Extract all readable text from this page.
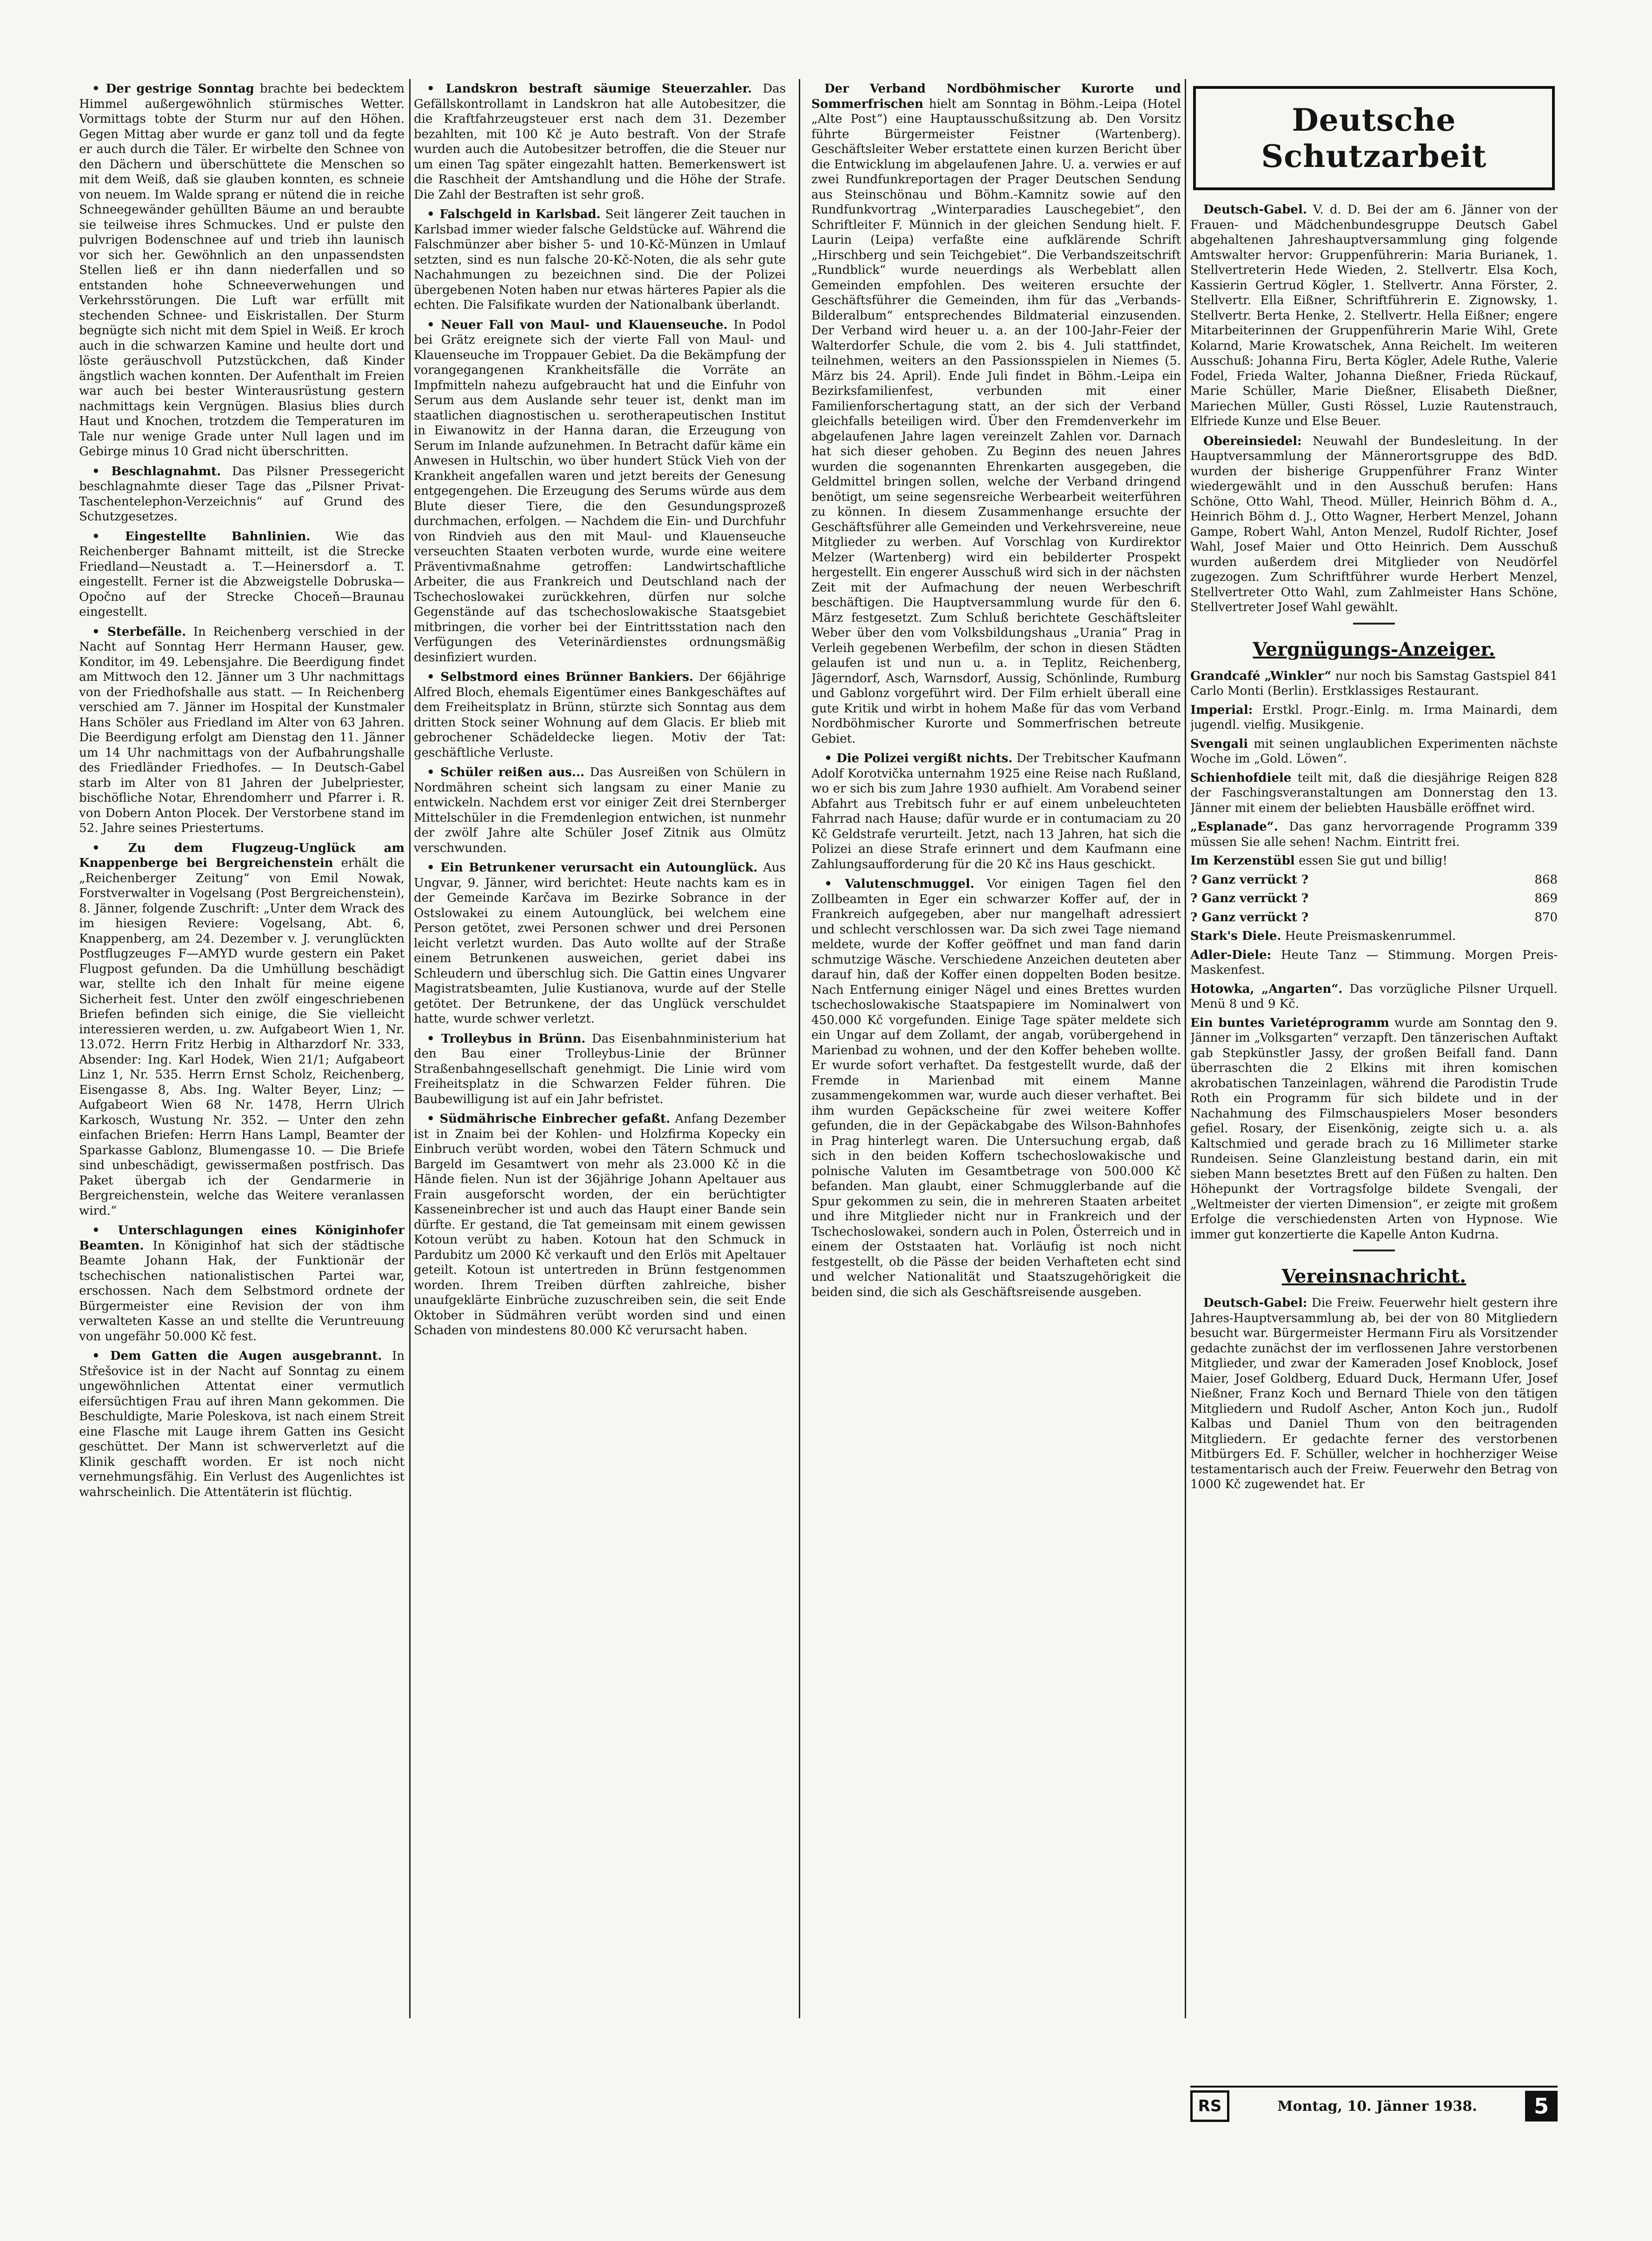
• Der gestrige Sonntag brachte bei bedecktem Himmel außergewöhnlich stürmisches Wetter. Vormittags tobte der Sturm nur auf den Höhen. Gegen Mittag aber wurde er ganz toll und da fegte er auch durch die Täler. Er wirbelte den Schnee von den Dächern und überschüttete die Menschen so mit dem Weiß, daß sie glauben konnten, es schneie von neuem. Im Walde sprang er nütend die in reiche Schneegewänder gehüllten Bäume an und beraubte sie teilweise ihres Schmuckes. Und er pulste den pulvrigen Bodenschnee auf und trieb ihn launisch vor sich her. Gewöhnlich an den unpassendsten Stellen ließ er ihn dann niederfallen und so entstanden hohe Schneeverwehungen und Verkehrsstörungen. Die Luft war erfüllt mit stechenden Schnee- und Eiskristallen. Der Sturm begnügte sich nicht mit dem Spiel in Weiß. Er kroch auch in die schwarzen Kamine und heulte dort und löste geräuschvoll Putzstückchen, daß Kinder ängstlich wachen konnten. Der Aufenthalt im Freien war auch bei bester Winterausrüstung gestern nachmittags kein Vergnügen. Blasius blies durch Haut und Knochen, trotzdem die Temperaturen im Tale nur wenige Grade unter Null lagen und im Gebirge minus 10 Grad nicht überschritten.

• Beschlagnahmt. Das Pilsner Pressegericht beschlagnahmte dieser Tage das „Pilsner Privat-Taschentelephon-Verzeichnis“ auf Grund des Schutzgesetzes.

• Eingestellte Bahnlinien. Wie das Reichenberger Bahnamt mitteilt, ist die Strecke Friedland—Neustadt a. T.—Heinersdorf a. T. eingestellt. Ferner ist die Abzweigstelle Dobruska—Opočno auf der Strecke Choceň—Braunau eingestellt.

• Sterbefälle. In Reichenberg verschied in der Nacht auf Sonntag Herr Hermann Hauser, gew. Konditor, im 49. Lebensjahre. Die Beerdigung findet am Mittwoch den 12. Jänner um 3 Uhr nachmittags von der Friedhofshalle aus statt. — In Reichenberg verschied am 7. Jänner im Hospital der Kunstmaler Hans Schöler aus Friedland im Alter von 63 Jahren. Die Beerdigung erfolgt am Dienstag den 11. Jänner um 14 Uhr nachmittags von der Aufbahrungshalle des Friedländer Friedhofes. — In Deutsch-Gabel starb im Alter von 81 Jahren der Jubelpriester, bischöfliche Notar, Ehrendomherr und Pfarrer i. R. von Dobern Anton Plocek. Der Verstorbene stand im 52. Jahre seines Priestertums.

• Zu dem Flugzeug-Unglück am Knappenberge bei Bergreichenstein erhält die „Reichenberger Zeitung“ von Emil Nowak, Forstverwalter in Vogelsang (Post Bergreichenstein), 8. Jänner, folgende Zuschrift: „Unter dem Wrack des im hiesigen Reviere: Vogelsang, Abt. 6, Knappenberg, am 24. Dezember v. J. verunglückten Postflugzeuges F—AMYD wurde gestern ein Paket Flugpost gefunden. Da die Umhüllung beschädigt war, stellte ich den Inhalt für meine eigene Sicherheit fest. Unter den zwölf eingeschriebenen Briefen befinden sich einige, die Sie vielleicht interessieren werden, u. zw. Aufgabeort Wien 1, Nr. 13.072. Herrn Fritz Herbig in Altharzdorf Nr. 333, Absender: Ing. Karl Hodek, Wien 21/1; Aufgabeort Linz 1, Nr. 535. Herrn Ernst Scholz, Reichenberg, Eisengasse 8, Abs. Ing. Walter Beyer, Linz; — Aufgabeort Wien 68 Nr. 1478, Herrn Ulrich Karkosch, Wustung Nr. 352. — Unter den zehn einfachen Briefen: Herrn Hans Lampl, Beamter der Sparkasse Gablonz, Blumengasse 10. — Die Briefe sind unbeschädigt, gewissermaßen postfrisch. Das Paket übergab ich der Gendarmerie in Bergreichenstein, welche das Weitere veranlassen wird.“

• Unterschlagungen eines Königinhofer Beamten. In Königinhof hat sich der städtische Beamte Johann Hak, der Funktionär der tschechischen nationalistischen Partei war, erschossen. Nach dem Selbstmord ordnete der Bürgermeister eine Revision der von ihm verwalteten Kasse an und stellte die Veruntreuung von ungefähr 50.000 Kč fest.

• Dem Gatten die Augen ausgebrannt. In Střešovice ist in der Nacht auf Sonntag zu einem ungewöhnlichen Attentat einer vermutlich eifersüchtigen Frau auf ihren Mann gekommen. Die Beschuldigte, Marie Poleskova, ist nach einem Streit eine Flasche mit Lauge ihrem Gatten ins Gesicht geschüttet. Der Mann ist schwerverletzt auf die Klinik geschafft worden. Er ist noch nicht vernehmungsfähig. Ein Verlust des Augenlichtes ist wahrscheinlich. Die Attentäterin ist flüchtig.

• Landskron bestraft säumige Steuerzahler. Das Gefällskontrollamt in Landskron hat alle Autobesitzer, die die Kraftfahrzeugsteuer erst nach dem 31. Dezember bezahlten, mit 100 Kč je Auto bestraft. Von der Strafe wurden auch die Autobesitzer betroffen, die die Steuer nur um einen Tag später eingezahlt hatten. Bemerkenswert ist die Raschheit der Amtshandlung und die Höhe der Strafe. Die Zahl der Bestraften ist sehr groß.

• Falschgeld in Karlsbad. Seit längerer Zeit tauchen in Karlsbad immer wieder falsche Geldstücke auf. Während die Falschmünzer aber bisher 5- und 10-Kč-Münzen in Umlauf setzten, sind es nun falsche 20-Kč-Noten, die als sehr gute Nachahmungen zu bezeichnen sind. Die der Polizei übergebenen Noten haben nur etwas härteres Papier als die echten. Die Falsifikate wurden der Nationalbank überlandt.

• Neuer Fall von Maul- und Klauenseuche. In Podol bei Grätz ereignete sich der vierte Fall von Maul- und Klauenseuche im Troppauer Gebiet. Da die Bekämpfung der vorangegangenen Krankheitsfälle die Vorräte an Impfmitteln nahezu aufgebraucht hat und die Einfuhr von Serum aus dem Auslande sehr teuer ist, denkt man im staatlichen diagnostischen u. serotherapeutischen Institut in Eiwanowitz in der Hanna daran, die Erzeugung von Serum im Inlande aufzunehmen. In Betracht dafür käme ein Anwesen in Hultschin, wo über hundert Stück Vieh von der Krankheit angefallen waren und jetzt bereits der Genesung entgegengehen. Die Erzeugung des Serums würde aus dem Blute dieser Tiere, die den Gesundungsprozeß durchmachen, erfolgen. — Nachdem die Ein- und Durchfuhr von Rindvieh aus den mit Maul- und Klauenseuche verseuchten Staaten verboten wurde, wurde eine weitere Präventivmaßnahme getroffen: Landwirtschaftliche Arbeiter, die aus Frankreich und Deutschland nach der Tschechoslowakei zurückkehren, dürfen nur solche Gegenstände auf das tschechoslowakische Staatsgebiet mitbringen, die vorher bei der Eintrittsstation nach den Verfügungen des Veterinärdienstes ordnungsmäßig desinfiziert wurden.

• Selbstmord eines Brünner Bankiers. Der 66jährige Alfred Bloch, ehemals Eigentümer eines Bankgeschäftes auf dem Freiheitsplatz in Brünn, stürzte sich Sonntag aus dem dritten Stock seiner Wohnung auf dem Glacis. Er blieb mit gebrochener Schädeldecke liegen. Motiv der Tat: geschäftliche Verluste.

• Schüler reißen aus... Das Ausreißen von Schülern in Nordmähren scheint sich langsam zu einer Manie zu entwickeln. Nachdem erst vor einiger Zeit drei Sternberger Mittelschüler in die Fremdenlegion entwichen, ist nunmehr der zwölf Jahre alte Schüler Josef Zitnik aus Olmütz verschwunden.

• Ein Betrunkener verursacht ein Autounglück. Aus Ungvar, 9. Jänner, wird berichtet: Heute nachts kam es in der Gemeinde Karčava im Bezirke Sobrance in der Ostslowakei zu einem Autounglück, bei welchem eine Person getötet, zwei Personen schwer und drei Personen leicht verletzt wurden. Das Auto wollte auf der Straße einem Betrunkenen ausweichen, geriet dabei ins Schleudern und überschlug sich. Die Gattin eines Ungvarer Magistratsbeamten, Julie Kustianova, wurde auf der Stelle getötet. Der Betrunkene, der das Unglück verschuldet hatte, wurde schwer verletzt.

• Trolleybus in Brünn. Das Eisenbahnministerium hat den Bau einer Trolleybus-Linie der Brünner Straßenbahngesellschaft genehmigt. Die Linie wird vom Freiheitsplatz in die Schwarzen Felder führen. Die Baubewilligung ist auf ein Jahr befristet.

• Südmährische Einbrecher gefaßt. Anfang Dezember ist in Znaim bei der Kohlen- und Holzfirma Kopecky ein Einbruch verübt worden, wobei den Tätern Schmuck und Bargeld im Gesamtwert von mehr als 23.000 Kč in die Hände fielen. Nun ist der 36jährige Johann Apeltauer aus Frain ausgeforscht worden, der ein berüchtigter Kasseneinbrecher ist und auch das Haupt einer Bande sein dürfte. Er gestand, die Tat gemeinsam mit einem gewissen Kotoun verübt zu haben. Kotoun hat den Schmuck in Pardubitz um 2000 Kč verkauft und den Erlös mit Apeltauer geteilt. Kotoun ist untertreden in Brünn festgenommen worden. Ihrem Treiben dürften zahlreiche, bisher unaufgeklärte Einbrüche zuzuschreiben sein, die seit Ende Oktober in Südmähren verübt worden sind und einen Schaden von mindestens 80.000 Kč verursacht haben.

Der Verband Nordböhmischer Kurorte und Sommerfrischen hielt am Sonntag in Böhm.-Leipa (Hotel „Alte Post“) eine Hauptausschußsitzung ab. Den Vorsitz führte Bürgermeister Feistner (Wartenberg). Geschäftsleiter Weber erstattete einen kurzen Bericht über die Entwicklung im abgelaufenen Jahre. U. a. verwies er auf zwei Rundfunkreportagen der Prager Deutschen Sendung aus Steinschönau und Böhm.-Kamnitz sowie auf den Rundfunkvortrag „Winterparadies Lauschegebiet“, den Schriftleiter F. Münnich in der gleichen Sendung hielt. F. Laurin (Leipa) verfaßte eine aufklärende Schrift „Hirschberg und sein Teichgebiet“. Die Verbandszeitschrift „Rundblick“ wurde neuerdings als Werbeblatt allen Gemeinden empfohlen. Des weiteren ersuchte der Geschäftsführer die Gemeinden, ihm für das „Verbands-Bilderalbum“ entsprechendes Bildmaterial einzusenden. Der Verband wird heuer u. a. an der 100-Jahr-Feier der Walterdorfer Schule, die vom 2. bis 4. Juli stattfindet, teilnehmen, weiters an den Passionsspielen in Niemes (5. März bis 24. April). Ende Juli findet in Böhm.-Leipa ein Bezirksfamilienfest, verbunden mit einer Familienforschertagung statt, an der sich der Verband gleichfalls beteiligen wird. Über den Fremdenverkehr im abgelaufenen Jahre lagen vereinzelt Zahlen vor. Darnach hat sich dieser gehoben. Zu Beginn des neuen Jahres wurden die sogenannten Ehrenkarten ausgegeben, die Geldmittel bringen sollen, welche der Verband dringend benötigt, um seine segensreiche Werbearbeit weiterführen zu können. In diesem Zusammenhange ersuchte der Geschäftsführer alle Gemeinden und Verkehrsvereine, neue Mitglieder zu werben. Auf Vorschlag von Kurdirektor Melzer (Wartenberg) wird ein bebilderter Prospekt hergestellt. Ein engerer Ausschuß wird sich in der nächsten Zeit mit der Aufmachung der neuen Werbeschrift beschäftigen. Die Hauptversammlung wurde für den 6. März festgesetzt. Zum Schluß berichtete Geschäftsleiter Weber über den vom Volksbildungshaus „Urania“ Prag in Verleih gegebenen Werbefilm, der schon in diesen Städten gelaufen ist und nun u. a. in Teplitz, Reichenberg, Jägerndorf, Asch, Warnsdorf, Aussig, Schönlinde, Rumburg und Gablonz vorgeführt wird. Der Film erhielt überall eine gute Kritik und wirbt in hohem Maße für das vom Verband Nordböhmischer Kurorte und Sommerfrischen betreute Gebiet.

• Die Polizei vergißt nichts. Der Trebitscher Kaufmann Adolf Korotvička unternahm 1925 eine Reise nach Rußland, wo er sich bis zum Jahre 1930 aufhielt. Am Vorabend seiner Abfahrt aus Trebitsch fuhr er auf einem unbeleuchteten Fahrrad nach Hause; dafür wurde er in contumaciam zu 20 Kč Geldstrafe verurteilt. Jetzt, nach 13 Jahren, hat sich die Polizei an diese Strafe erinnert und dem Kaufmann eine Zahlungsaufforderung für die 20 Kč ins Haus geschickt.

• Valutenschmuggel. Vor einigen Tagen fiel den Zollbeamten in Eger ein schwarzer Koffer auf, der in Frankreich aufgegeben, aber nur mangelhaft adressiert und schlecht verschlossen war. Da sich zwei Tage niemand meldete, wurde der Koffer geöffnet und man fand darin schmutzige Wäsche. Verschiedene Anzeichen deuteten aber darauf hin, daß der Koffer einen doppelten Boden besitze. Nach Entfernung einiger Nägel und eines Brettes wurden tschechoslowakische Staatspapiere im Nominalwert von 450.000 Kč vorgefunden. Einige Tage später meldete sich ein Ungar auf dem Zollamt, der angab, vorübergehend in Marienbad zu wohnen, und der den Koffer beheben wollte. Er wurde sofort verhaftet. Da festgestellt wurde, daß der Fremde in Marienbad mit einem Manne zusammengekommen war, wurde auch dieser verhaftet. Bei ihm wurden Gepäckscheine für zwei weitere Koffer gefunden, die in der Gepäckabgabe des Wilson-Bahnhofes in Prag hinterlegt waren. Die Untersuchung ergab, daß sich in den beiden Koffern tschechoslowakische und polnische Valuten im Gesamtbetrage von 500.000 Kč befanden. Man glaubt, einer Schmugglerbande auf die Spur gekommen zu sein, die in mehreren Staaten arbeitet und ihre Mitglieder nicht nur in Frankreich und der Tschechoslowakei, sondern auch in Polen, Österreich und in einem der Oststaaten hat. Vorläufig ist noch nicht festgestellt, ob die Pässe der beiden Verhafteten echt sind und welcher Nationalität und Staatszugehörigkeit die beiden sind, die sich als Geschäftsreisende ausgeben.

Deutsche Schutzarbeit

Deutsch-Gabel. V. d. D. Bei der am 6. Jänner von der Frauen- und Mädchenbundesgruppe Deutsch Gabel abgehaltenen Jahreshauptversammlung ging folgende Amtswalter hervor: Gruppenführerin: Maria Burianek, 1. Stellvertreterin Hede Wieden, 2. Stellvertr. Elsa Koch, Kassierin Gertrud Kögler, 1. Stellvertr. Anna Förster, 2. Stellvertr. Ella Eißner, Schriftführerin E. Zignowsky, 1. Stellvertr. Berta Henke, 2. Stellvertr. Hella Eißner; engere Mitarbeiterinnen der Gruppenführerin Marie Wihl, Grete Kolarnd, Marie Krowatschek, Anna Reichelt. Im weiteren Ausschuß: Johanna Firu, Berta Kögler, Adele Ruthe, Valerie Fodel, Frieda Walter, Johanna Dießner, Frieda Rückauf, Marie Schüller, Marie Dießner, Elisabeth Dießner, Mariechen Müller, Gusti Rössel, Luzie Rautenstrauch, Elfriede Kunze und Else Beuer.

Obereinsiedel: Neuwahl der Bundesleitung. In der Hauptversammlung der Männerortsgruppe des BdD. wurden der bisherige Gruppenführer Franz Winter wiedergewählt und in den Ausschuß berufen: Hans Schöne, Otto Wahl, Theod. Müller, Heinrich Böhm d. A., Heinrich Böhm d. J., Otto Wagner, Herbert Menzel, Johann Gampe, Robert Wahl, Anton Menzel, Rudolf Richter, Josef Wahl, Josef Maier und Otto Heinrich. Dem Ausschuß wurden außerdem drei Mitglieder von Neudörfel zugezogen. Zum Schriftführer wurde Herbert Menzel, Stellvertreter Otto Wahl, zum Zahlmeister Hans Schöne, Stellvertreter Josef Wahl gewählt.

Vergnügungs-Anzeiger.

841
Grandcafé „Winkler“ nur noch bis Samstag Gastspiel Carlo Monti (Berlin). Erstklassiges Restaurant.

Imperial: Erstkl. Progr.-Einlg. m. Irma Mainardi, dem jugendl. vielfig. Musikgenie.

Svengali mit seinen unglaublichen Experimenten nächste Woche im „Gold. Löwen“.

828
Schienhofdiele teilt mit, daß die diesjährige Reigen der Faschingsveranstaltungen am Donnerstag den 13. Jänner mit einem der beliebten Hausbälle eröffnet wird.

339
„Esplanade“. Das ganz hervorragende Programm müssen Sie alle sehen! Nachm. Eintritt frei.

Im Kerzenstübl essen Sie gut und billig!

868
? Ganz verrückt ?

869
? Ganz verrückt ?

870
? Ganz verrückt ?

Stark's Diele. Heute Preismaskenrummel.

Adler-Diele: Heute Tanz — Stimmung. Morgen Preis-Maskenfest.

Hotowka, „Angarten“. Das vorzügliche Pilsner Urquell. Menü 8 und 9 Kč.

Ein buntes Varietéprogramm wurde am Sonntag den 9. Jänner im „Volksgarten“ verzapft. Den tänzerischen Auftakt gab Stepkünstler Jassy, der großen Beifall fand. Dann überraschten die 2 Elkins mit ihren komischen akrobatischen Tanzeinlagen, während die Parodistin Trude Roth ein Programm für sich bildete und in der Nachahmung des Filmschauspielers Moser besonders gefiel. Rosary, der Eisenkönig, zeigte sich u. a. als Kaltschmied und gerade brach zu 16 Millimeter starke Rundeisen. Seine Glanzleistung bestand darin, ein mit sieben Mann besetztes Brett auf den Füßen zu halten. Den Höhepunkt der Vortragsfolge bildete Svengali, der „Weltmeister der vierten Dimension“, er zeigte mit großem Erfolge die verschiedensten Arten von Hypnose. Wie immer gut konzertierte die Kapelle Anton Kudrna.

Vereinsnachricht.

Deutsch-Gabel: Die Freiw. Feuerwehr hielt gestern ihre Jahres-Hauptversammlung ab, bei der von 80 Mitgliedern besucht war. Bürgermeister Hermann Firu als Vorsitzender gedachte zunächst der im verflossenen Jahre verstorbenen Mitglieder, und zwar der Kameraden Josef Knoblock, Josef Maier, Josef Goldberg, Eduard Duck, Hermann Ufer, Josef Nießner, Franz Koch und Bernard Thiele von den tätigen Mitgliedern und Rudolf Ascher, Anton Koch jun., Rudolf Kalbas und Daniel Thum von den beitragenden Mitgliedern. Er gedachte ferner des verstorbenen Mitbürgers Ed. F. Schüller, welcher in hochherziger Weise testamentarisch auch der Freiw. Feuerwehr den Betrag von 1000 Kč zugewendet hat. Er

RS	Montag, 10. Jänner 1938.	5
